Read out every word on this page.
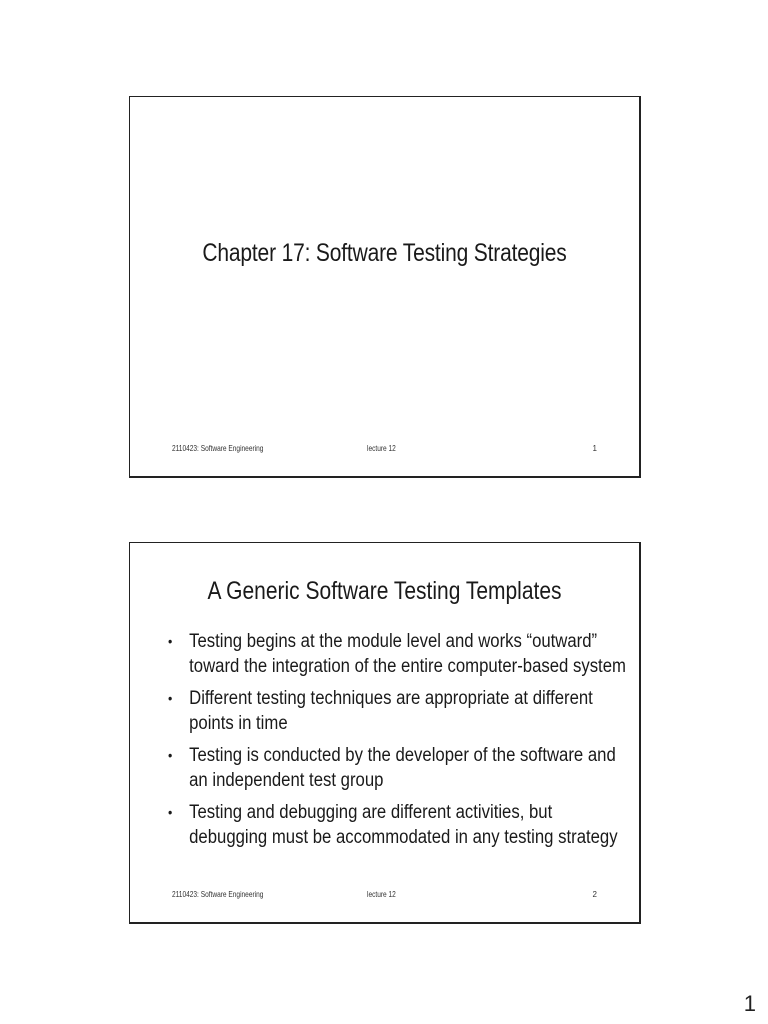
Chapter 17: Software Testing Strategies
2110423: Software Engineering	lecture 12	1
A Generic Software Testing Templates
• Testing begins at the module level and works “outward”
toward the integration of the entire computer-based system
• Different testing techniques are appropriate at different
points in time
• Testing is conducted by the developer of the software and
an independent test group
• Testing and debugging are different activities, but
debugging must be accommodated in any testing strategy
2110423: Software Engineering	lecture 12	2
1
